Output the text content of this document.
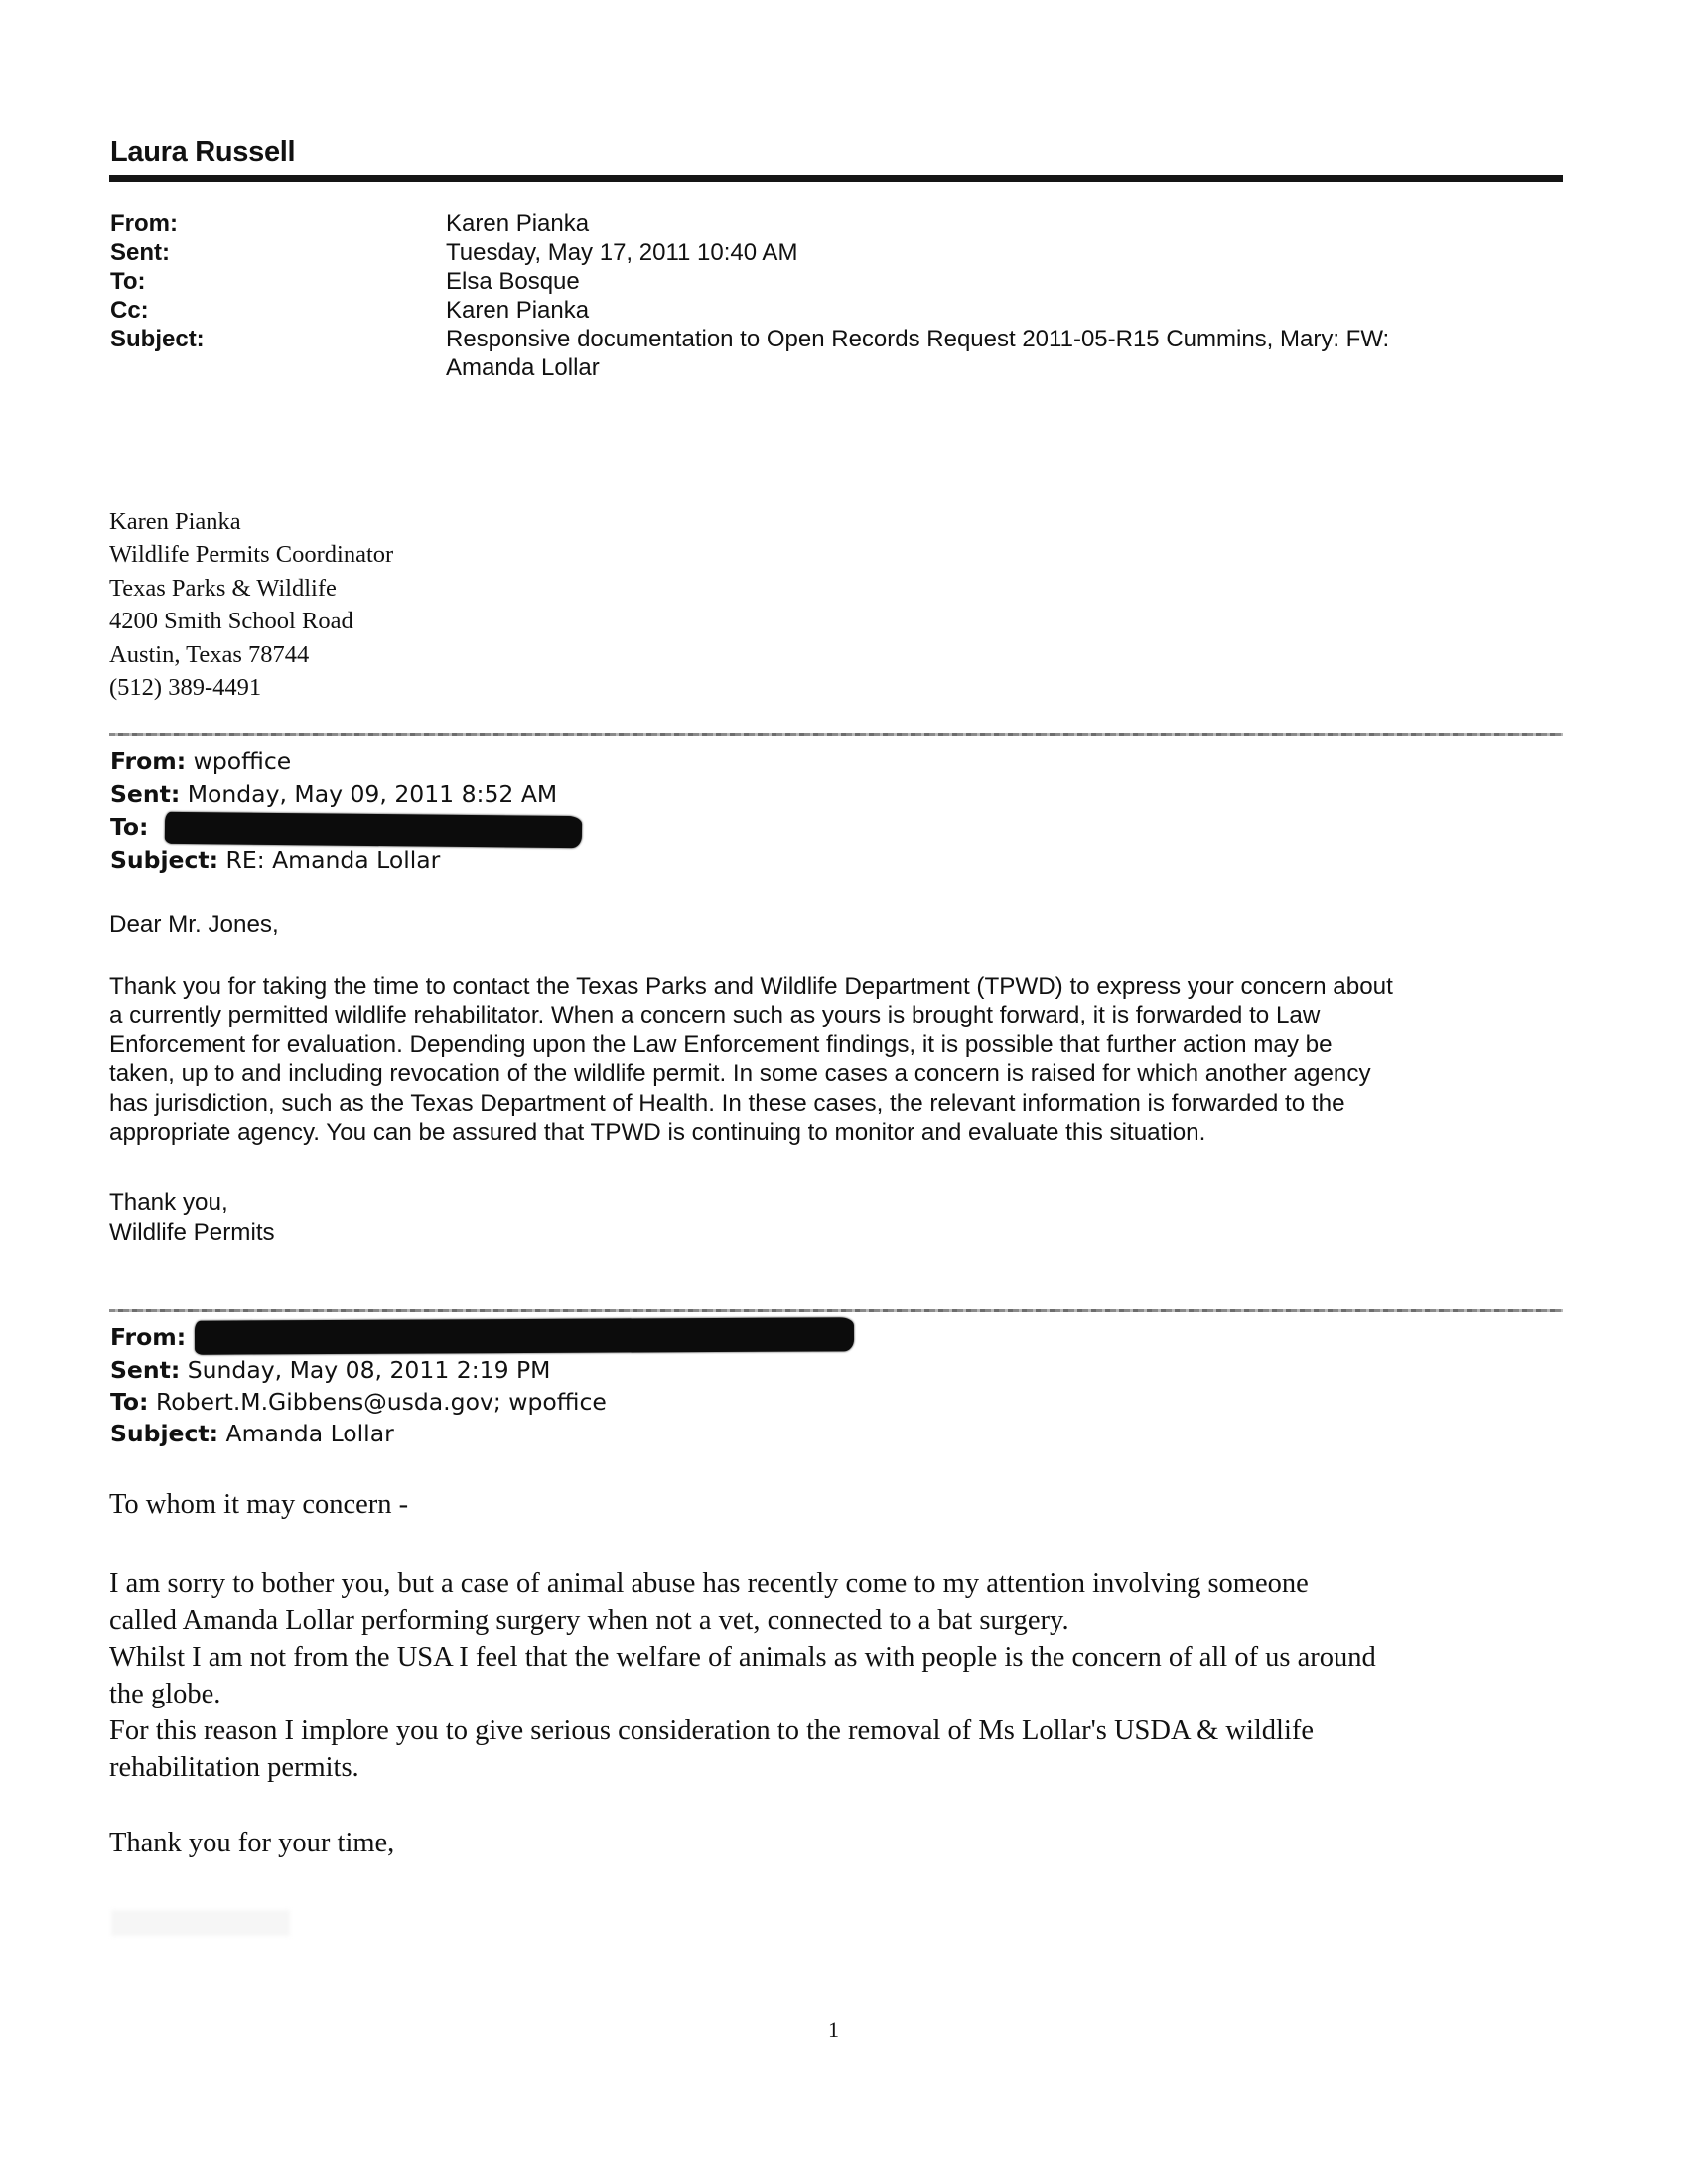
Laura Russell
From:	Karen Pianka
Sent:	Tuesday, May 17, 2011 10:40 AM
To:	Elsa Bosque
Cc:	Karen Pianka
Subject:	Responsive documentation to Open Records Request 2011-05-R15 Cummins, Mary: FW:
Amanda Lollar
Karen Pianka
Wildlife Permits Coordinator
Texas Parks & Wildlife
4200 Smith School Road
Austin, Texas 78744
(512) 389-4491
From: wpoffice
Sent: Monday, May 09, 2011 8:52 AM
To:
Subject: RE: Amanda Lollar
Dear Mr. Jones,
Thank you for taking the time to contact the Texas Parks and Wildlife Department (TPWD) to express your concern about
a currently permitted wildlife rehabilitator. When a concern such as yours is brought forward, it is forwarded to Law
Enforcement for evaluation. Depending upon the Law Enforcement findings, it is possible that further action may be
taken, up to and including revocation of the wildlife permit. In some cases a concern is raised for which another agency
has jurisdiction, such as the Texas Department of Health. In these cases, the relevant information is forwarded to the
appropriate agency. You can be assured that TPWD is continuing to monitor and evaluate this situation.
Thank you,
Wildlife Permits
From:
Sent: Sunday, May 08, 2011 2:19 PM
To: Robert.M.Gibbens@usda.gov; wpoffice
Subject: Amanda Lollar
To whom it may concern -
I am sorry to bother you, but a case of animal abuse has recently come to my attention involving someone
called Amanda Lollar performing surgery when not a vet, connected to a bat surgery.
Whilst I am not from the USA I feel that the welfare of animals as with people is the concern of all of us around
the globe.
For this reason I implore you to give serious consideration to the removal of Ms Lollar's USDA & wildlife
rehabilitation permits.
Thank you for your time,
1
